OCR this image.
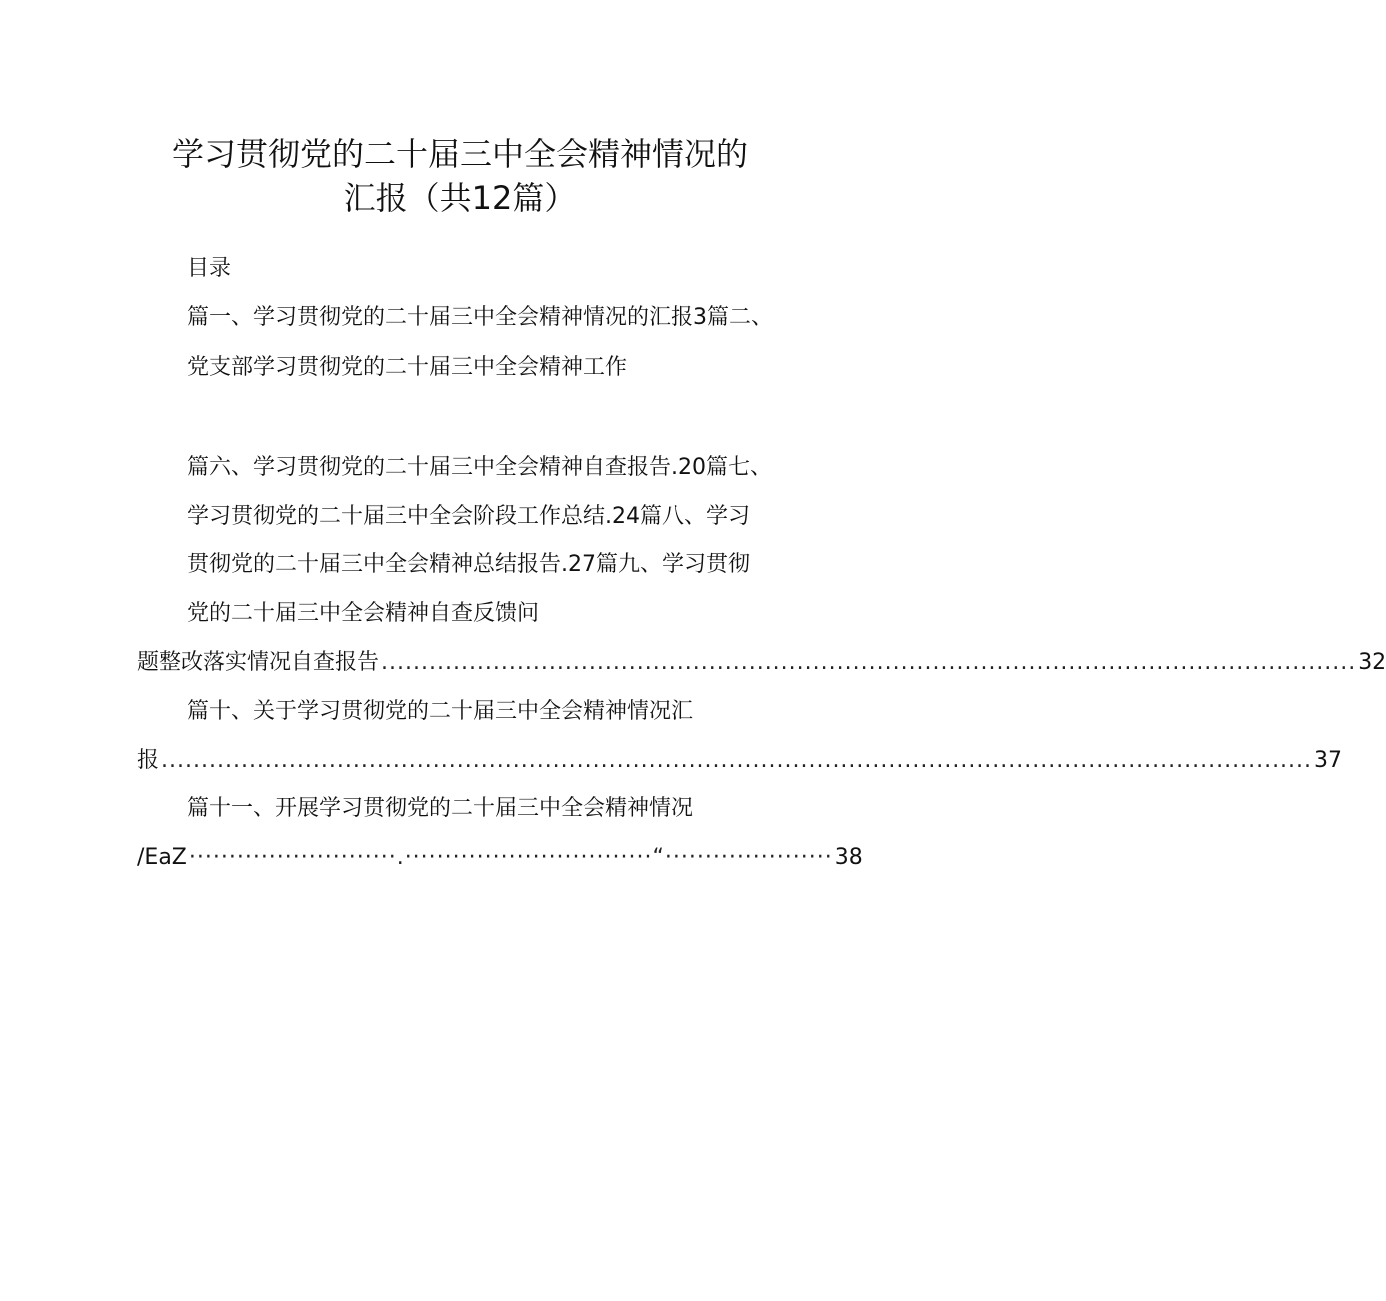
学习贯彻党的二十届三中全会精神情况的
汇报（共12篇）
目录
篇一、学习贯彻党的二十届三中全会精神情况的汇报3篇二、
党支部学习贯彻党的二十届三中全会精神工作
篇六、学习贯彻党的二十届三中全会精神自查报告.20篇七、
学习贯彻党的二十届三中全会阶段工作总结.24篇八、学习
贯彻党的二十届三中全会精神总结报告.27篇九、学习贯彻
党的二十届三中全会精神自查反馈问
题整改落实情况自查报告 .......................................................................................................................... 32
篇十、关于学习贯彻党的二十届三中全会精神情况汇
报 ................................................................................................................................................ 37
篇十一、开展学习贯彻党的二十届三中全会精神情况
/EaZ ··························.·······························“····················· 38
